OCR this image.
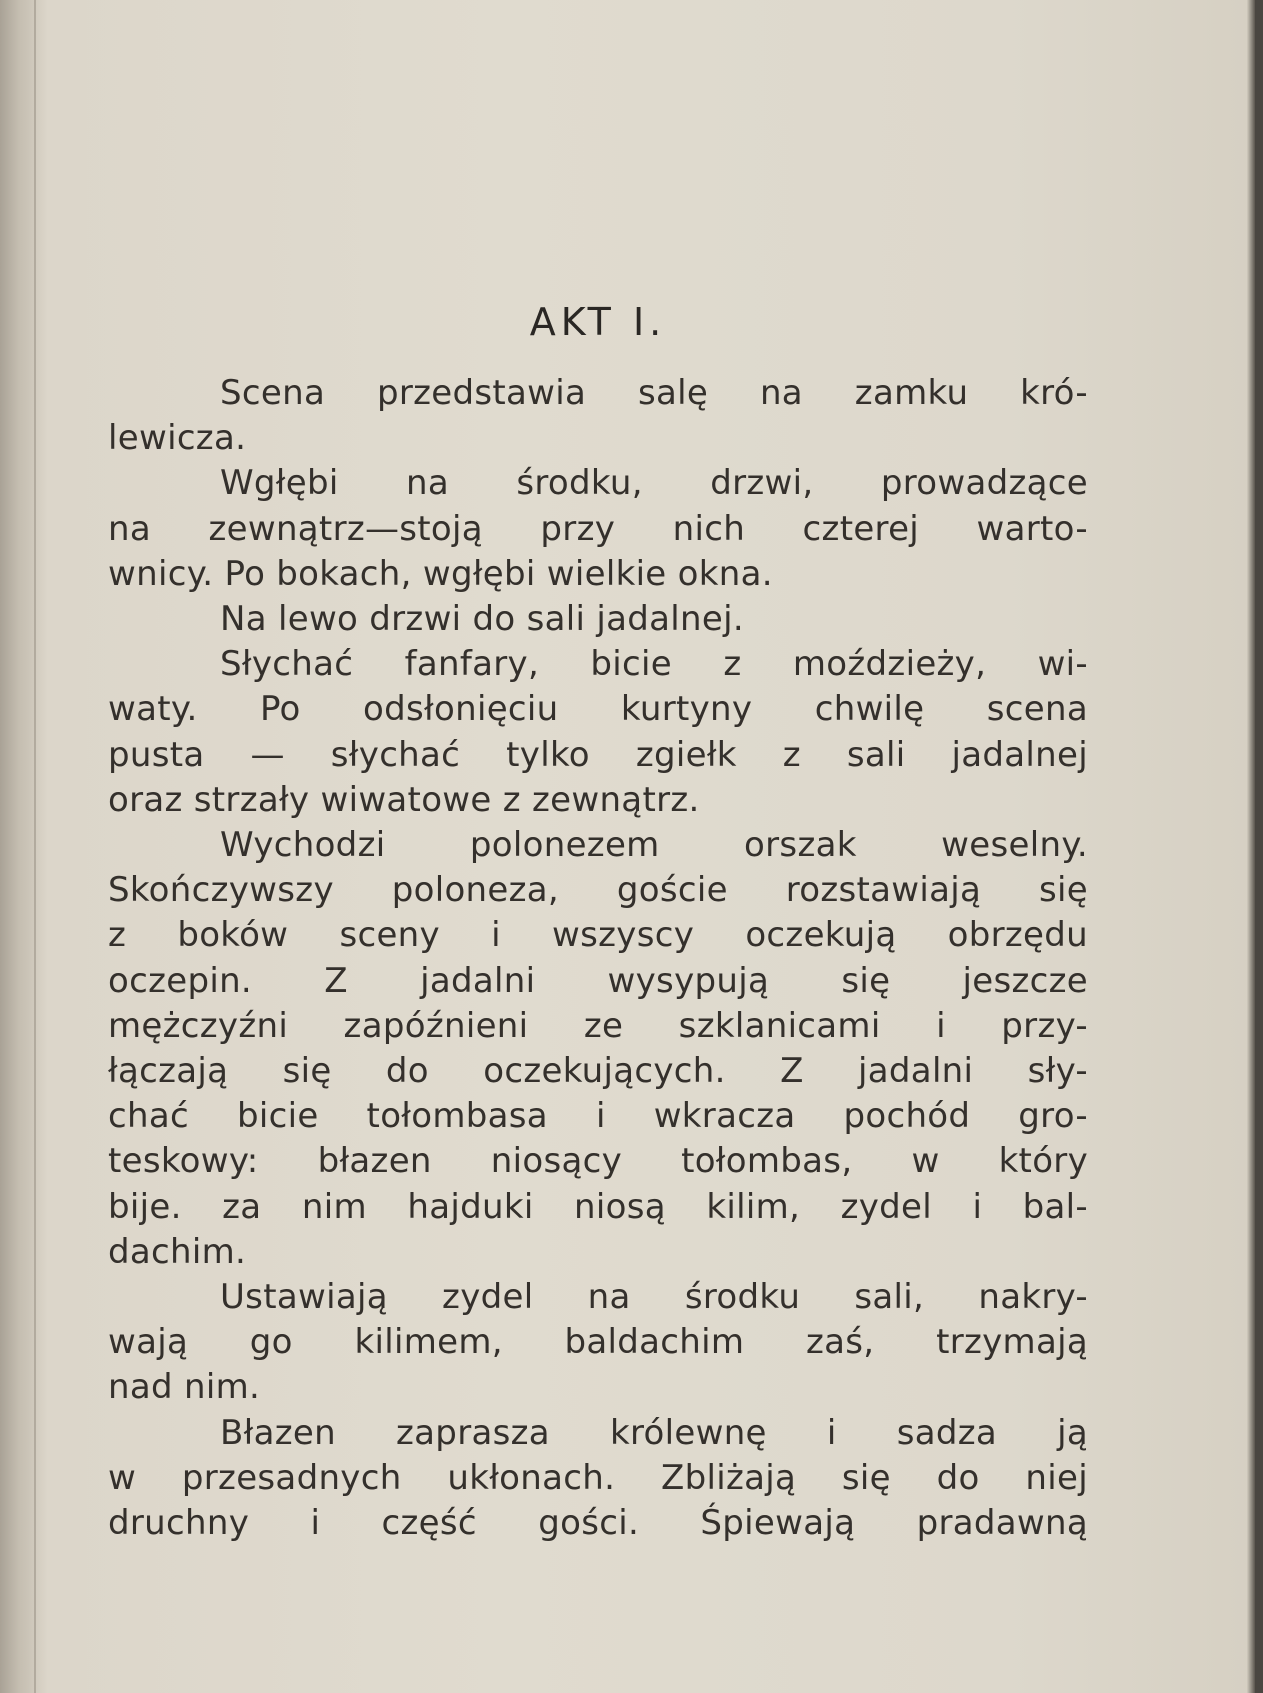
AKT I.
Scena przedstawia salę na zamku kró-
lewicza.
Wgłębi na środku, drzwi, prowadzące
na zewnątrz—stoją przy nich czterej warto-
wnicy. Po bokach, wgłębi wielkie okna.
Na lewo drzwi do sali jadalnej.
Słychać fanfary, bicie z moździeży, wi-
waty. Po odsłonięciu kurtyny chwilę scena
pusta — słychać tylko zgiełk z sali jadalnej
oraz strzały wiwatowe z zewnątrz.
Wychodzi polonezem orszak weselny.
Skończywszy poloneza, goście rozstawiają się
z boków sceny i wszyscy oczekują obrzędu
oczepin. Z jadalni wysypują się jeszcze
mężczyźni zapóźnieni ze szklanicami i przy-
łączają się do oczekujących. Z jadalni sły-
chać bicie tołombasa i wkracza pochód gro-
teskowy: błazen niosący tołombas, w który
bije. za nim hajduki niosą kilim, zydel i bal-
dachim.
Ustawiają zydel na środku sali, nakry-
wają go kilimem, baldachim zaś, trzymają
nad nim.
Błazen zaprasza królewnę i sadza ją
w przesadnych ukłonach. Zbliżają się do niej
druchny i część gości. Śpiewają pradawną
